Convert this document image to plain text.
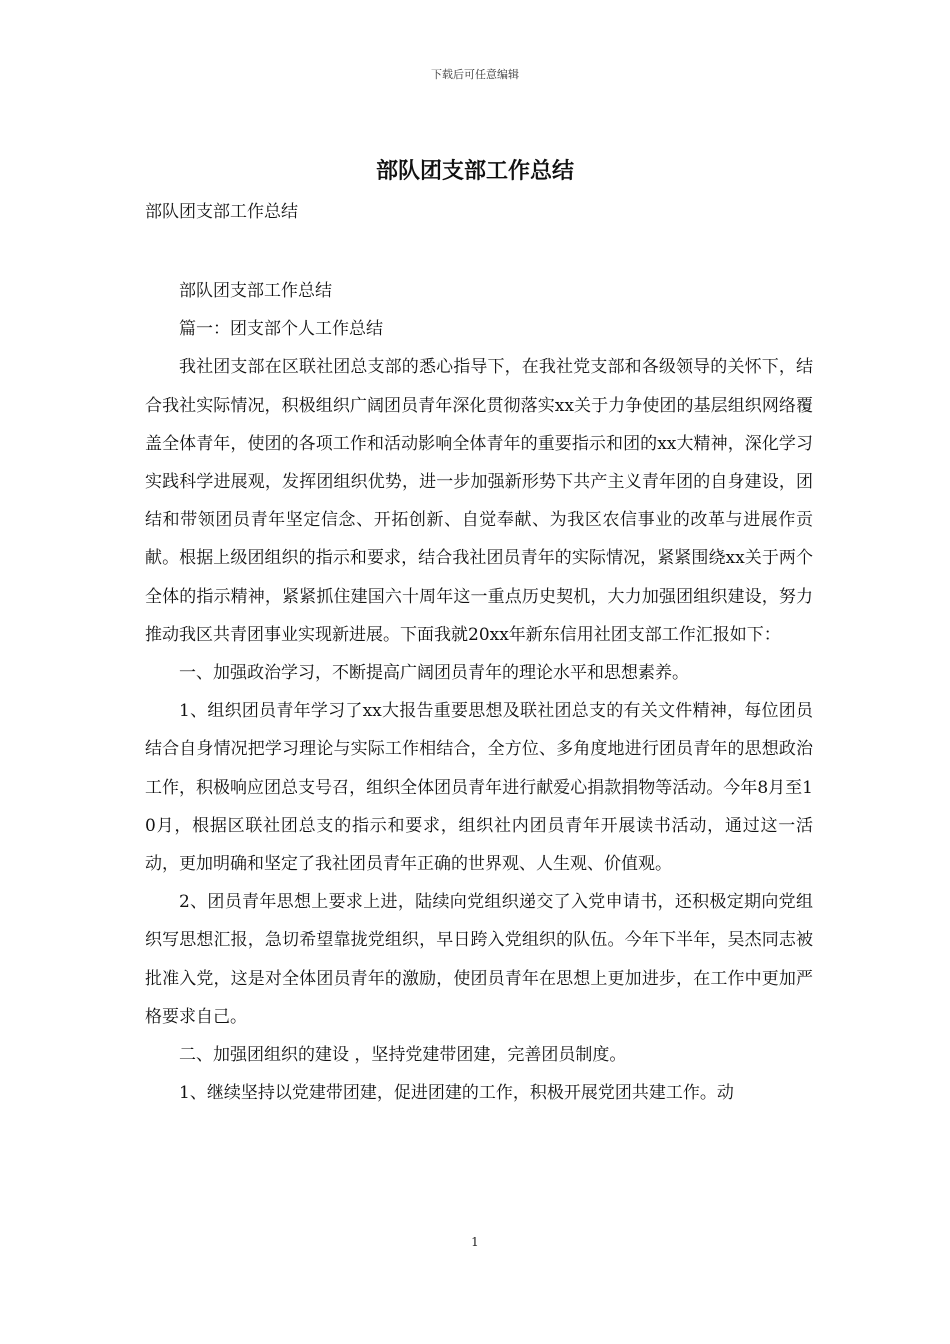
下载后可任意编辑
部队团支部工作总结
部队团支部工作总结

部队团支部工作总结

篇一：团支部个人工作总结

我社团支部在区联社团总支部的悉心指导下，在我社党支部和各级领导的关怀下，结合我社实际情况，积极组织广阔团员青年深化贯彻落实xx关于力争使团的基层组织网络覆盖全体青年，使团的各项工作和活动影响全体青年的重要指示和团的xx大精神，深化学习实践科学进展观，发挥团组织优势，进一步加强新形势下共产主义青年团的自身建设，团结和带领团员青年坚定信念、开拓创新、自觉奉献、为我区农信事业的改革与进展作贡献。根据上级团组织的指示和要求，结合我社团员青年的实际情况，紧紧围绕xx关于两个全体的指示精神，紧紧抓住建国六十周年这一重点历史契机，大力加强团组织建设，努力推动我区共青团事业实现新进展。下面我就20xx年新东信用社团支部工作汇报如下：

一、加强政治学习，不断提高广阔团员青年的理论水平和思想素养。

1、组织团员青年学习了xx大报告重要思想及联社团总支的有关文件精神，每位团员结合自身情况把学习理论与实际工作相结合，全方位、多角度地进行团员青年的思想政治工作，积极响应团总支号召，组织全体团员青年进行献爱心捐款捐物等活动。今年8月至10月，根据区联社团总支的指示和要求，组织社内团员青年开展读书活动，通过这一活动，更加明确和坚定了我社团员青年正确的世界观、人生观、价值观。

2、团员青年思想上要求上进，陆续向党组织递交了入党申请书，还积极定期向党组织写思想汇报，急切希望靠拢党组织，早日跨入党组织的队伍。今年下半年，吴杰同志被批准入党，这是对全体团员青年的激励，使团员青年在思想上更加进步，在工作中更加严格要求自己。

二、加强团组织的建设 ，坚持党建带团建，完善团员制度。

1、继续坚持以党建带团建，促进团建的工作，积极开展党团共建工作。动

1
